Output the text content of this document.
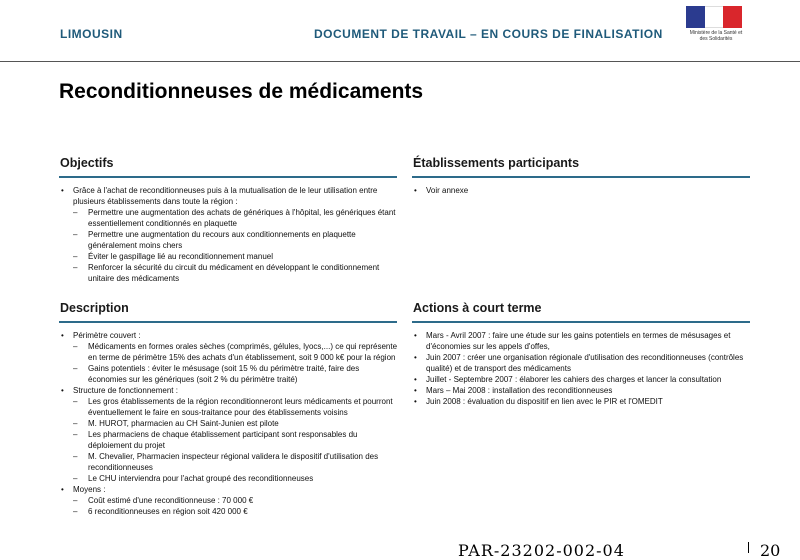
LIMOUSIN	DOCUMENT DE TRAVAIL – EN COURS DE FINALISATION	Ministère de la Santé et des Solidarités
Reconditionneuses de médicaments
Objectifs
• Grâce à l'achat de reconditionneuses puis à la mutualisation de le leur utilisation entre plusieurs établissements dans toute la région :
– Permettre une augmentation des achats de génériques à l'hôpital, les génériques étant essentiellement conditionnés en plaquette
– Permettre une augmentation du recours aux conditionnements en plaquette généralement moins chers
– Éviter le gaspillage lié au reconditionnement manuel
– Renforcer la sécurité du circuit du médicament en développant le conditionnement unitaire des médicaments
Établissements participants
• Voir annexe
Description
• Périmètre couvert :
– Médicaments en formes orales sèches (comprimés, gélules, lyocs,...) ce qui représente en terme de périmètre 15% des achats d'un établissement, soit 9 000 k€ pour la région
– Gains potentiels : éviter le mésusage (soit 15 % du périmètre traité, faire des économies sur les génériques (soit 2 % du périmètre traité)
• Structure de fonctionnement :
– Les gros établissements de la région reconditionneront leurs médicaments et pourront éventuellement le faire en sous-traitance pour des établissements voisins
– M. HUROT, pharmacien au CH Saint-Junien est pilote
– Les pharmaciens de chaque établissement participant sont responsables du déploiement du projet
– M. Chevalier, Pharmacien inspecteur régional validera le dispositif d'utilisation des reconditionneuses
– Le CHU interviendra pour l'achat groupé des reconditionneuses
• Moyens :
– Coût estimé d'une reconditionneuse : 70 000 €
– 6 reconditionneuses en région soit 420 000 €
Actions à court terme
• Mars - Avril 2007 : faire une étude sur les gains potentiels en termes de mésusages et d'économies sur les appels d'offes,
• Juin 2007 : créer une organisation régionale d'utilisation des reconditionneuses (contrôles qualité) et de transport des médicaments
• Juillet - Septembre 2007 : élaborer les cahiers des charges et lancer la consultation
• Mars – Mai 2008 : installation des reconditionneuses
• Juin 2008 : évaluation du dispositif en lien avec le PIR et l'OMEDIT
PAR-23202-002-04	20
